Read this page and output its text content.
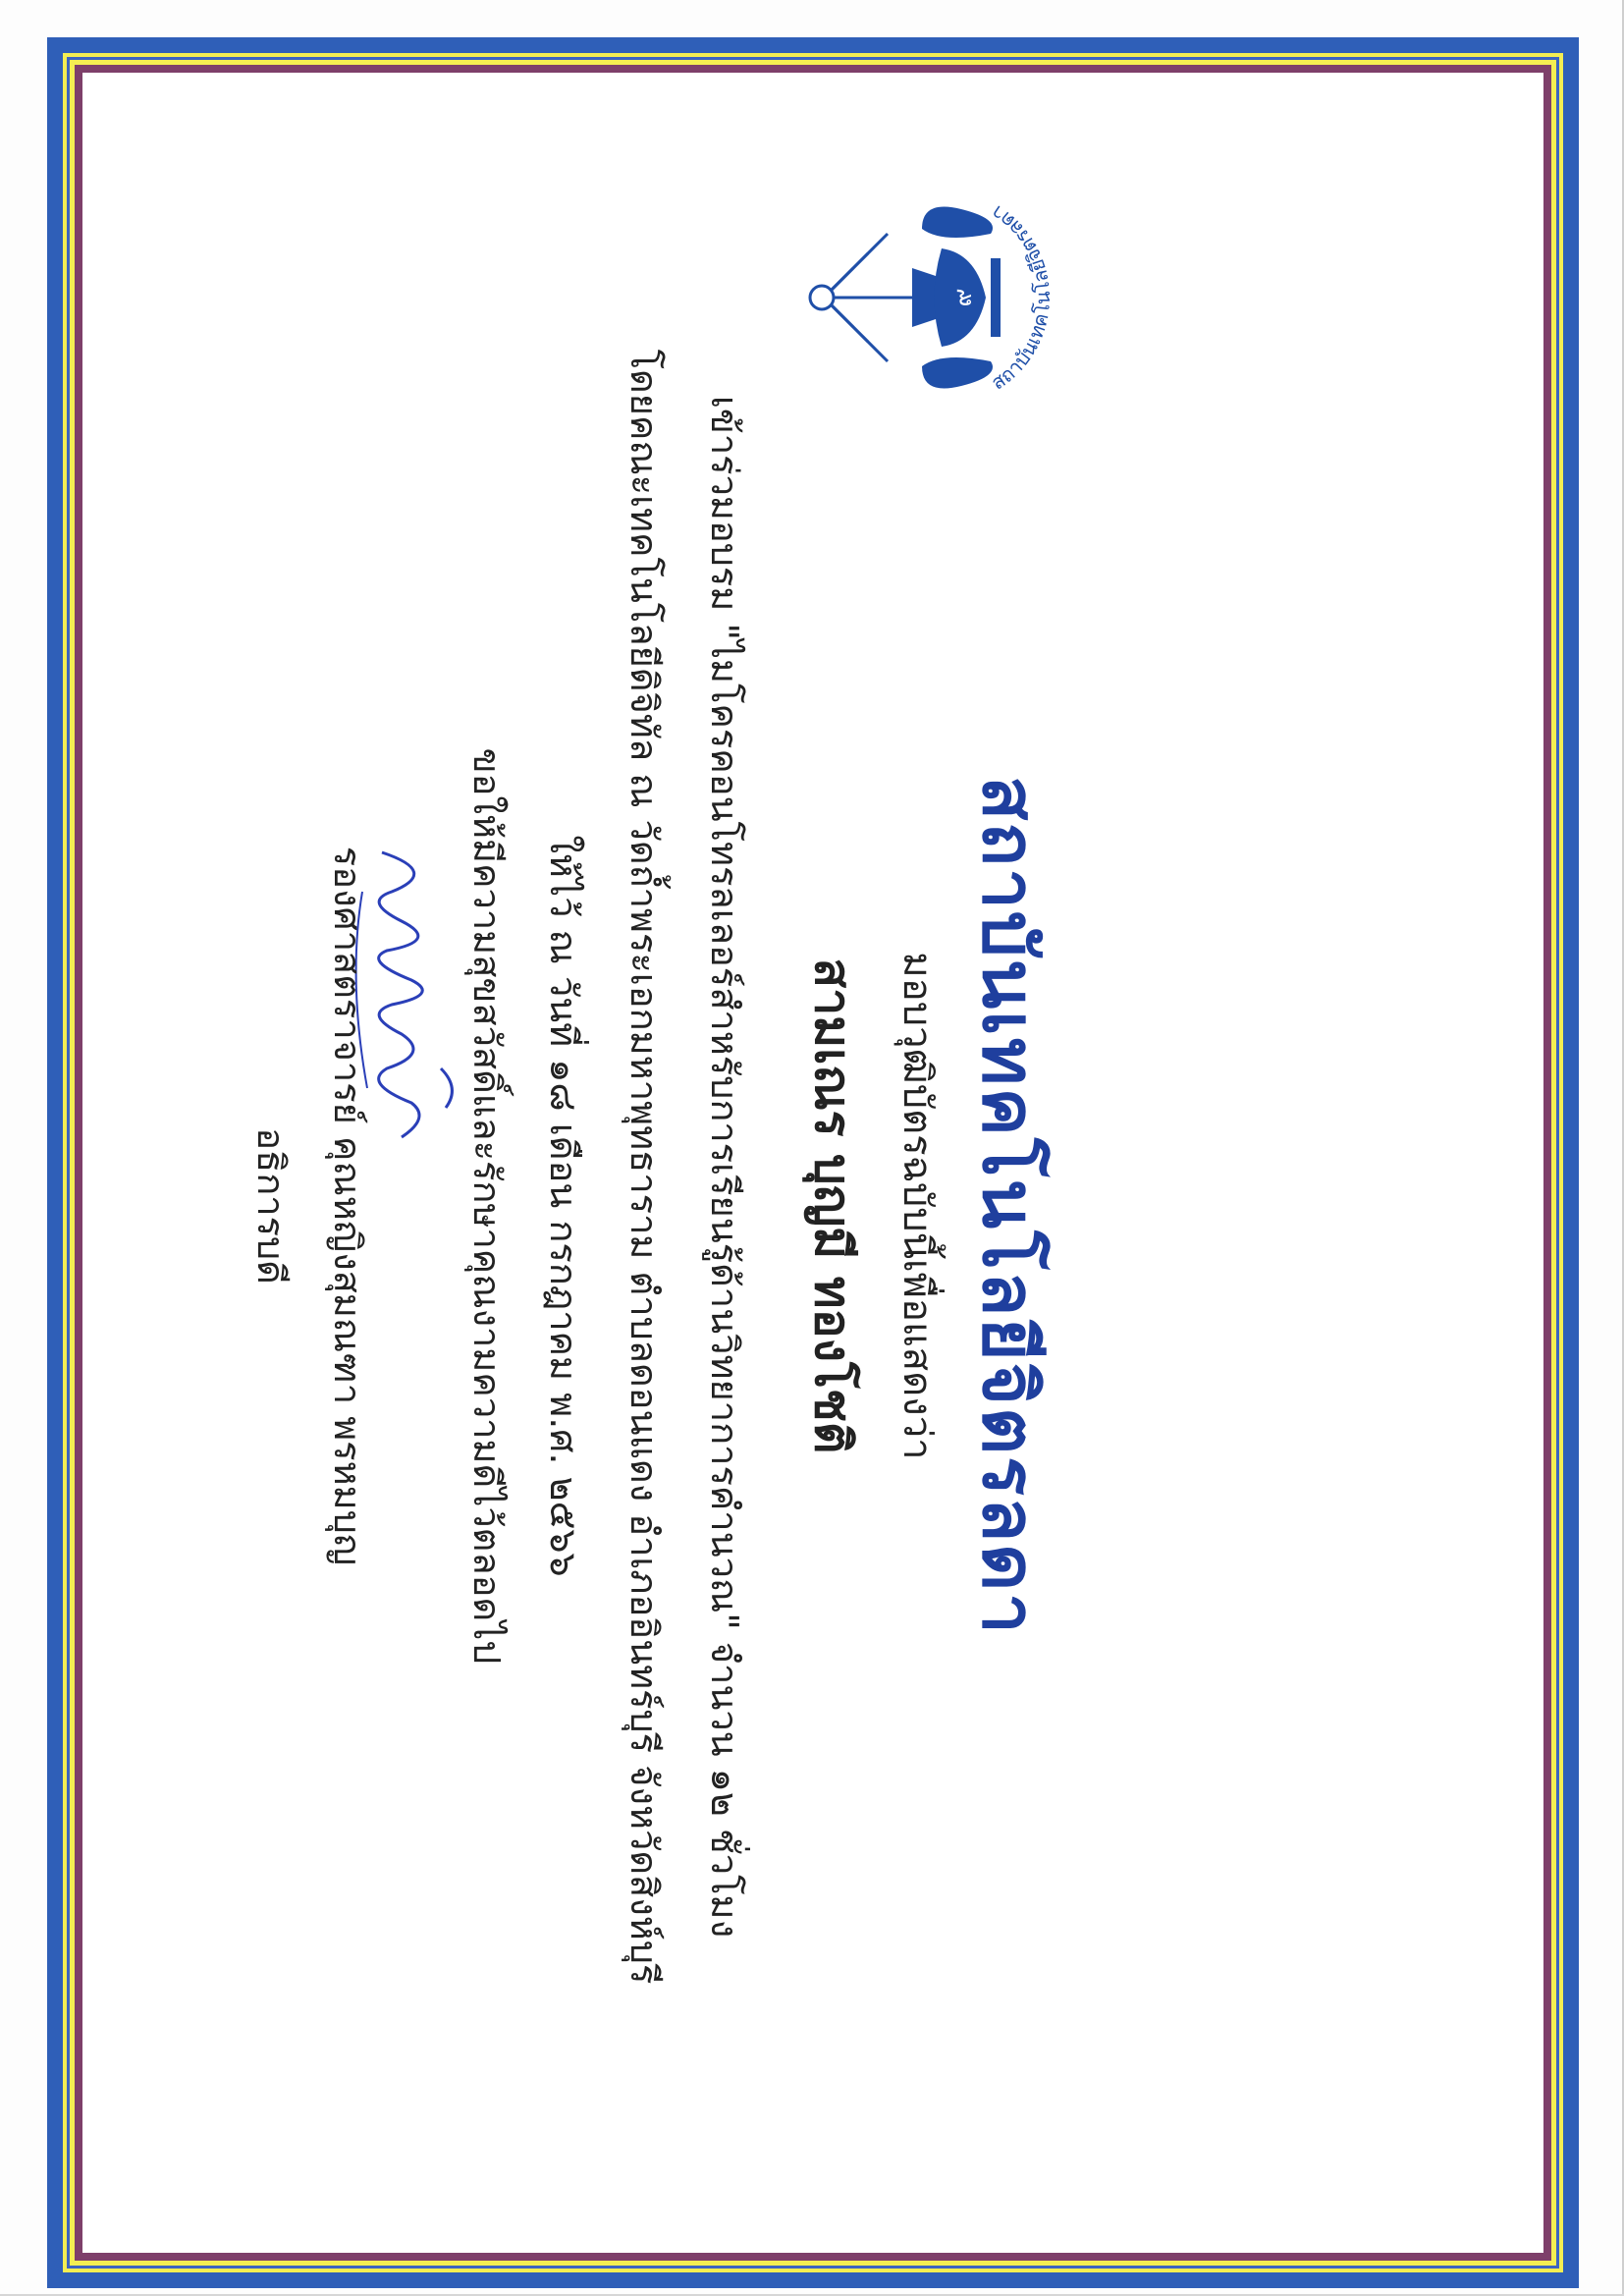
๙
สถาบันเทคโนโลยีจิตรลดา
สถาบันเทคโนโลยีจิตรลดา
มอบวุฒิบัตรฉบับนี้เพื่อแสดงว่า
สามเณร บุญมี ทองโชติ
เข้าร่วมอบรม "ไมโครคอนโทรลเลอร์สำหรับการเรียนรู้ด้านวิทยาการคำนวณ" จำนวน ๑๒ ชั่วโมง
โดยคณะเทคโนโลยีดิจิทัล ณ วัดถ้ำพระเอกมหาพุทธาราม ตำบลดอนแดง อำเภออินทร์บุรี จังหวัดสิงห์บุรี
ให้ไว้ ณ วันที่ ๑๘ เดือน กรกฎาคม พ.ศ. ๒๕๖๖
ขอให้มีความสุขสวัสดิ์และรักษาคุณงามความดีไว้ตลอดไป
รองศาสตราจารย์ คุณหญิงสุมณฑา พรหมบุญ
อธิการบดี
